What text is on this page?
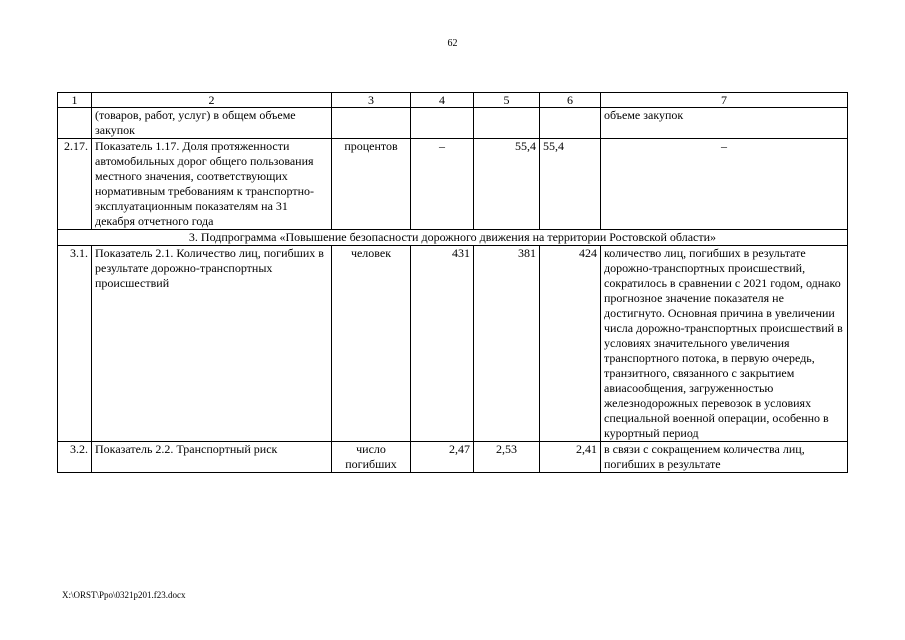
62
1	2	3	4	5	6	7
	(товаров, работ, услуг) в общем объеме закупок					объеме закупок
2.17.	Показатель 1.17. Доля протяженности автомобильных дорог общего пользования местного значения, соответствующих нормативным требованиям к транспортно-эксплуатационным показателям на 31 декабря отчетного года	процентов	–	55,4	55,4	–
3. Подпрограмма «Повышение безопасности дорожного движения на территории Ростовской области»						
3.1.	Показатель 2.1. Количество лиц, погибших в результате дорожно-транспортных происшествий	человек	431	381	424	количество лиц, погибших в результате дорожно-транспортных происшествий, сократилось в сравнении с 2021 годом, однако прогнозное значение показателя не достигнуто. Основная причина в увеличении числа дорожно-транспортных происшествий в условиях значительного увеличения транспортного потока, в первую очередь, транзитного, связанного с закрытием авиасообщения, загруженностью железнодорожных перевозок в условиях специальной военной операции, особенно в курортный период
3.2.	Показатель 2.2. Транспортный риск	число погибших	2,47	2,53	2,41	в связи с сокращением количества лиц, погибших в результате
X:\ORST\Ppo\0321p201.f23.docx
